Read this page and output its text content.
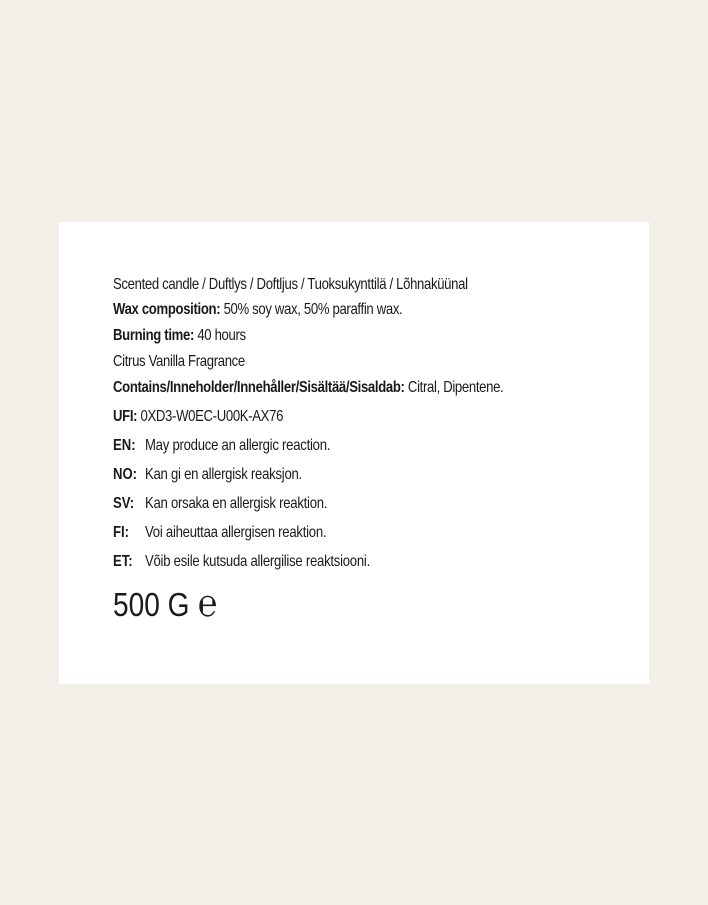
Scented candle / Duftlys / Doftljus / Tuoksukynttilä / Lõhnaküünal
Wax composition: 50% soy wax, 50% paraffin wax.
Burning time: 40 hours
Citrus Vanilla Fragrance
Contains/Inneholder/Innehåller/Sisältää/Sisaldab: Citral, Dipentene.
UFI: 0XD3-W0EC-U00K-AX76
EN: May produce an allergic reaction.
NO: Kan gi en allergisk reaksjon.
SV: Kan orsaka en allergisk reaktion.
FI: Voi aiheuttaa allergisen reaktion.
ET: Võib esile kutsuda allergilise reaktsiooni.
500 G ℮
